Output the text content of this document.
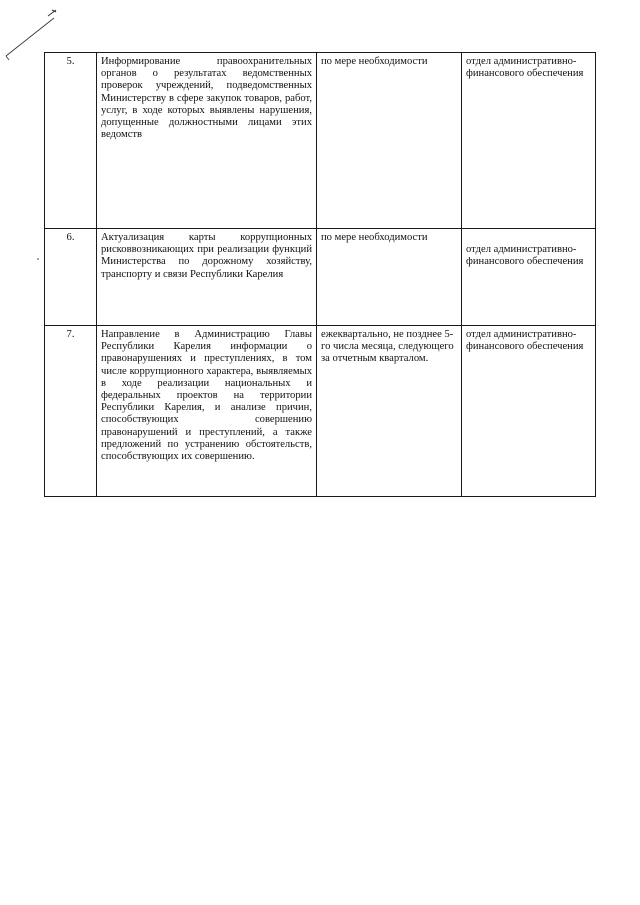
5.	Информирование правоохранительных органов о результатах ведомственных проверок учреждений, подведомственных Министерству в сфере закупок товаров, работ, услуг, в ходе которых выявлены нарушения, допущенные должностными лицами этих ведомств	по мере необходимости	отдел административно-финансового обеспечения
6.	Актуализация карты коррупционных рисковвозникающих при реализации функций Министерства по дорожному хозяйству, транспорту и связи Республики Карелия	по мере необходимости	отдел административно-финансового обеспечения

7.	Направление в Администрацию Главы Республики Карелия информации о правонарушениях и преступлениях, в том числе коррупционного характера, выявляемых в ходе реализации национальных и федеральных проектов на территории Республики Карелия, и анализе причин, способствующих совершению правонарушений и преступлений, а также предложений по устранению обстоятельств, способствующих их совершению.	ежеквартально, не позднее 5-го числа месяца, следующего за отчетным кварталом.	отдел административно-финансового обеспечения
